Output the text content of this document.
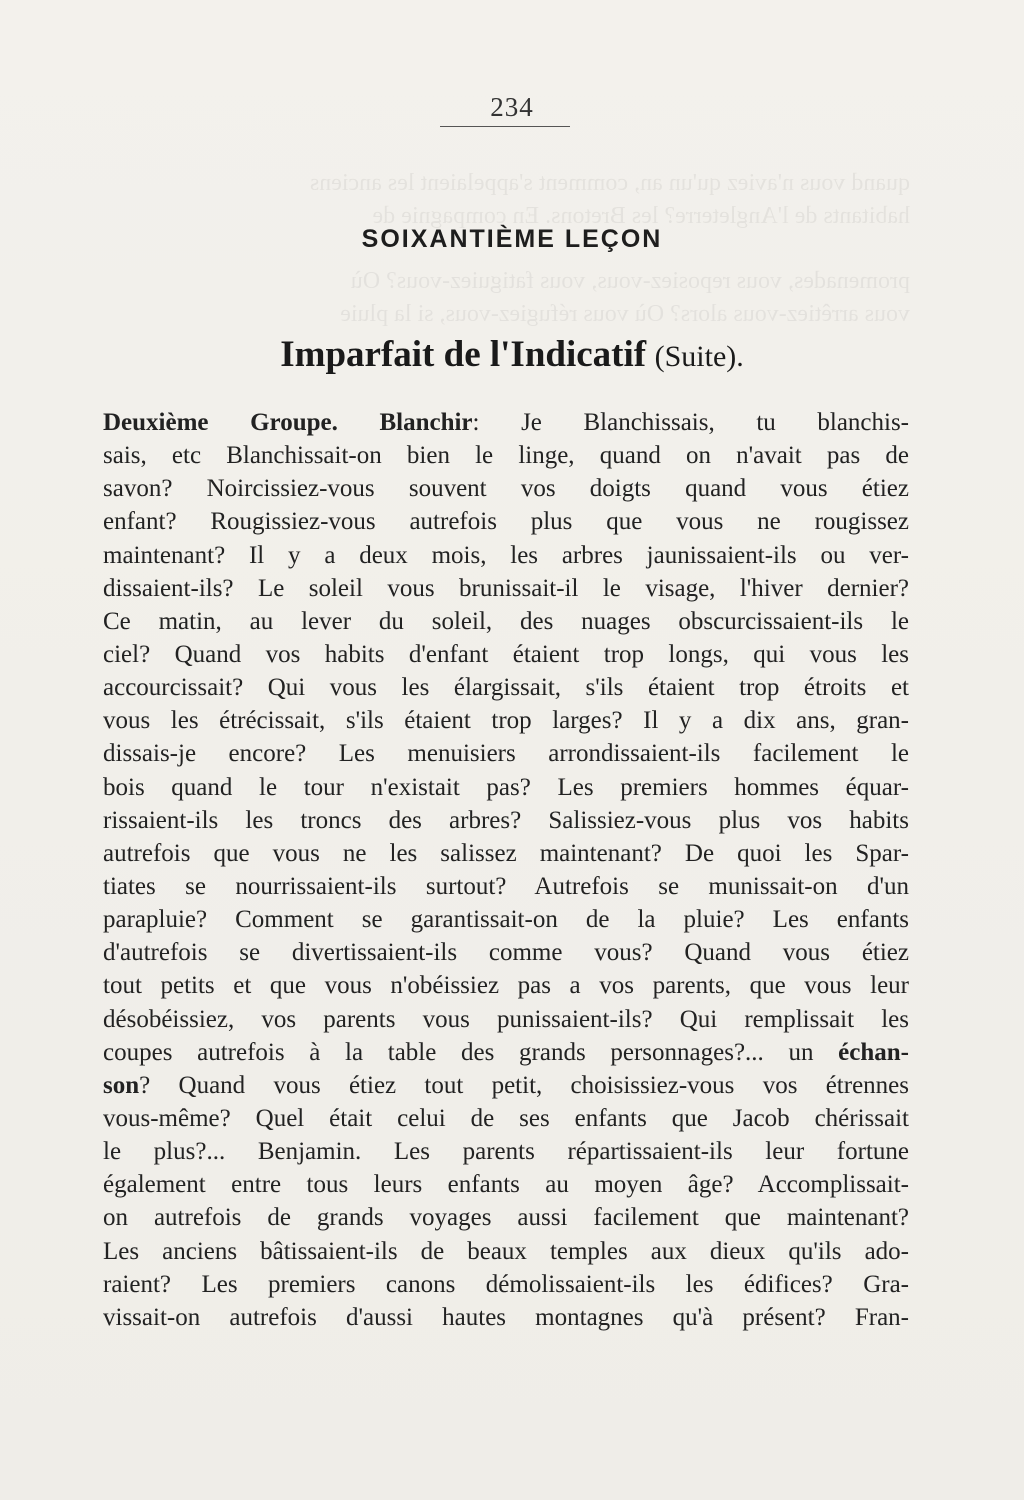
quand vous n'aviez qu'un an, comment s'appelaient les anciens
habitants de l'Angleterre? les Bretons. En compagnie de
promenades, vous reposiez-vous, vous fatiguiez-vous? Où
vous arrêtiez-vous alors? Où vous réfugiez-vous, si la pluie
234
SOIXANTIÈME LEÇON
Imparfait de l'Indicatif (Suite).
Deuxième Groupe. Blanchir: Je Blanchissais, tu blanchis-
sais, etc Blanchissait-on bien le linge, quand on n'avait pas de
savon? Noircissiez-vous souvent vos doigts quand vous étiez
enfant? Rougissiez-vous autrefois plus que vous ne rougissez
maintenant? Il y a deux mois, les arbres jaunissaient-ils ou ver-
dissaient-ils? Le soleil vous brunissait-il le visage, l'hiver dernier?
Ce matin, au lever du soleil, des nuages obscurcissaient-ils le
ciel? Quand vos habits d'enfant étaient trop longs, qui vous les
accourcissait? Qui vous les élargissait, s'ils étaient trop étroits et
vous les étrécissait, s'ils étaient trop larges? Il y a dix ans, gran-
dissais-je encore? Les menuisiers arrondissaient-ils facilement le
bois quand le tour n'existait pas? Les premiers hommes équar-
rissaient-ils les troncs des arbres? Salissiez-vous plus vos habits
autrefois que vous ne les salissez maintenant? De quoi les Spar-
tiates se nourrissaient-ils surtout? Autrefois se munissait-on d'un
parapluie? Comment se garantissait-on de la pluie? Les enfants
d'autrefois se divertissaient-ils comme vous? Quand vous étiez
tout petits et que vous n'obéissiez pas a vos parents, que vous leur
désobéissiez, vos parents vous punissaient-ils? Qui remplissait les
coupes autrefois à la table des grands personnages?... un échan-
son? Quand vous étiez tout petit, choisissiez-vous vos étrennes
vous-même? Quel était celui de ses enfants que Jacob chérissait
le plus?... Benjamin. Les parents répartissaient-ils leur fortune
également entre tous leurs enfants au moyen âge? Accomplissait-
on autrefois de grands voyages aussi facilement que maintenant?
Les anciens bâtissaient-ils de beaux temples aux dieux qu'ils ado-
raient? Les premiers canons démolissaient-ils les édifices? Gra-
vissait-on autrefois d'aussi hautes montagnes qu'à présent? Fran-
